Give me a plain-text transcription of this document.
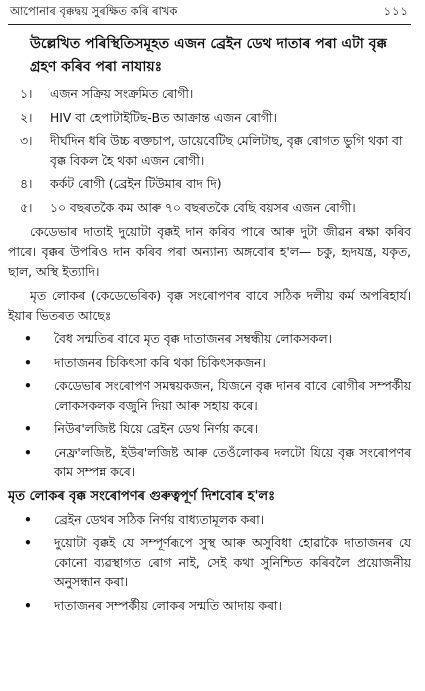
আপোনাৰ বৃক্কদ্বয় সুৰক্ষিত কৰি ৰাখক	১১১
উল্লেখিত পৰিস্থিতিসমূহত এজন ব্ৰেইন ডেথ দাতাৰ পৰা এটা বৃক্ক গ্ৰহণ কৰিব পৰা নাযায়ঃ
১।	এজন সক্ৰিয় সংক্ৰমিত ৰোগী।
২।	HIV বা হেপাটাইটিছ-Bত আক্ৰান্ত এজন ৰোগী।
৩।	দীৰ্ঘদিন ধৰি উচ্চ ৰক্তচাপ, ডায়েবেটিছ মেলিটাছ, বৃক্ক ৰোগত ভুগি থকা বা বৃক্ক বিকল হৈ থকা এজন ৰোগী।
৪।	কৰ্কট ৰোগী (ব্ৰেইন টিউমাৰ বাদ দি)
৫।	১০ বছৰতকৈ কম আৰু ৭০ বছৰতকৈ বেছি বয়সৰ এজন ৰোগী।

কেডেভাৰ দাতাই দুয়োটা বৃক্কই দান কৰিব পাৰে আৰু দুটা জীৱন ৰক্ষা কৰিব পাৰে। বৃক্কৰ উপৰিও দান কৰিব পৰা অন্যান্য অঙ্গবোৰ হ'ল— চকু, হৃদযন্ত্ৰ, যকৃত, ছাল, অস্থি ইত্যাদি।

মৃত লোকৰ (কেডেভেৰিক) বৃক্ক সংৰোপণৰ বাবে সঠিক দলীয় কৰ্ম অপৰিহাৰ্য। ইয়াৰ ভিতৰত আছেঃ

•	বৈধ সন্মতিৰ বাবে মৃত বৃক্ক দাতাজনৰ সম্বন্ধীয় লোকসকল।
•	দাতাজনৰ চিকিৎসা কৰি থকা চিকিৎসকজন।
•	কেডেভাৰ সংৰোপণ সমন্বয়কজন, যিজনে বৃক্ক দানৰ বাবে ৰোগীৰ সম্পৰ্কীয় লোকসকলক বজুনি দিয়া আৰু সহায় কৰে।
•	নিউৰ'লজিষ্ট যিয়ে ব্ৰেইন ডেথ নিৰ্ণয় কৰে।
•	নেফ্ৰ'লজিষ্ট, ইউৰ'লজিষ্ট আৰু তেওঁলোকৰ দলটো যিয়ে বৃক্ক সংৰোপণৰ কাম সম্পন্ন কৰে।
মৃত লোকৰ বৃক্ক সংৰোপণৰ গুৰুত্বপূৰ্ণ দিশবোৰ হ'লঃ
•	ব্ৰেইন ডেথৰ সঠিক নিৰ্ণয় বাধ্যতামূলক কৰা।
•	দুয়োটা বৃক্কই যে সম্পূৰ্ণৰূপে সুস্থ আৰু অসুবিধা হোৱাকৈ দাতাজনৰ যে কোনো ব্যৱস্থাগত ৰোগ নাই, সেই কথা সুনিশ্চিত কৰিবলৈ প্ৰয়োজনীয় অনুসন্ধান কৰা।
•	দাতাজনৰ সম্পৰ্কীয় লোকৰ সন্মতি আদায় কৰা।
